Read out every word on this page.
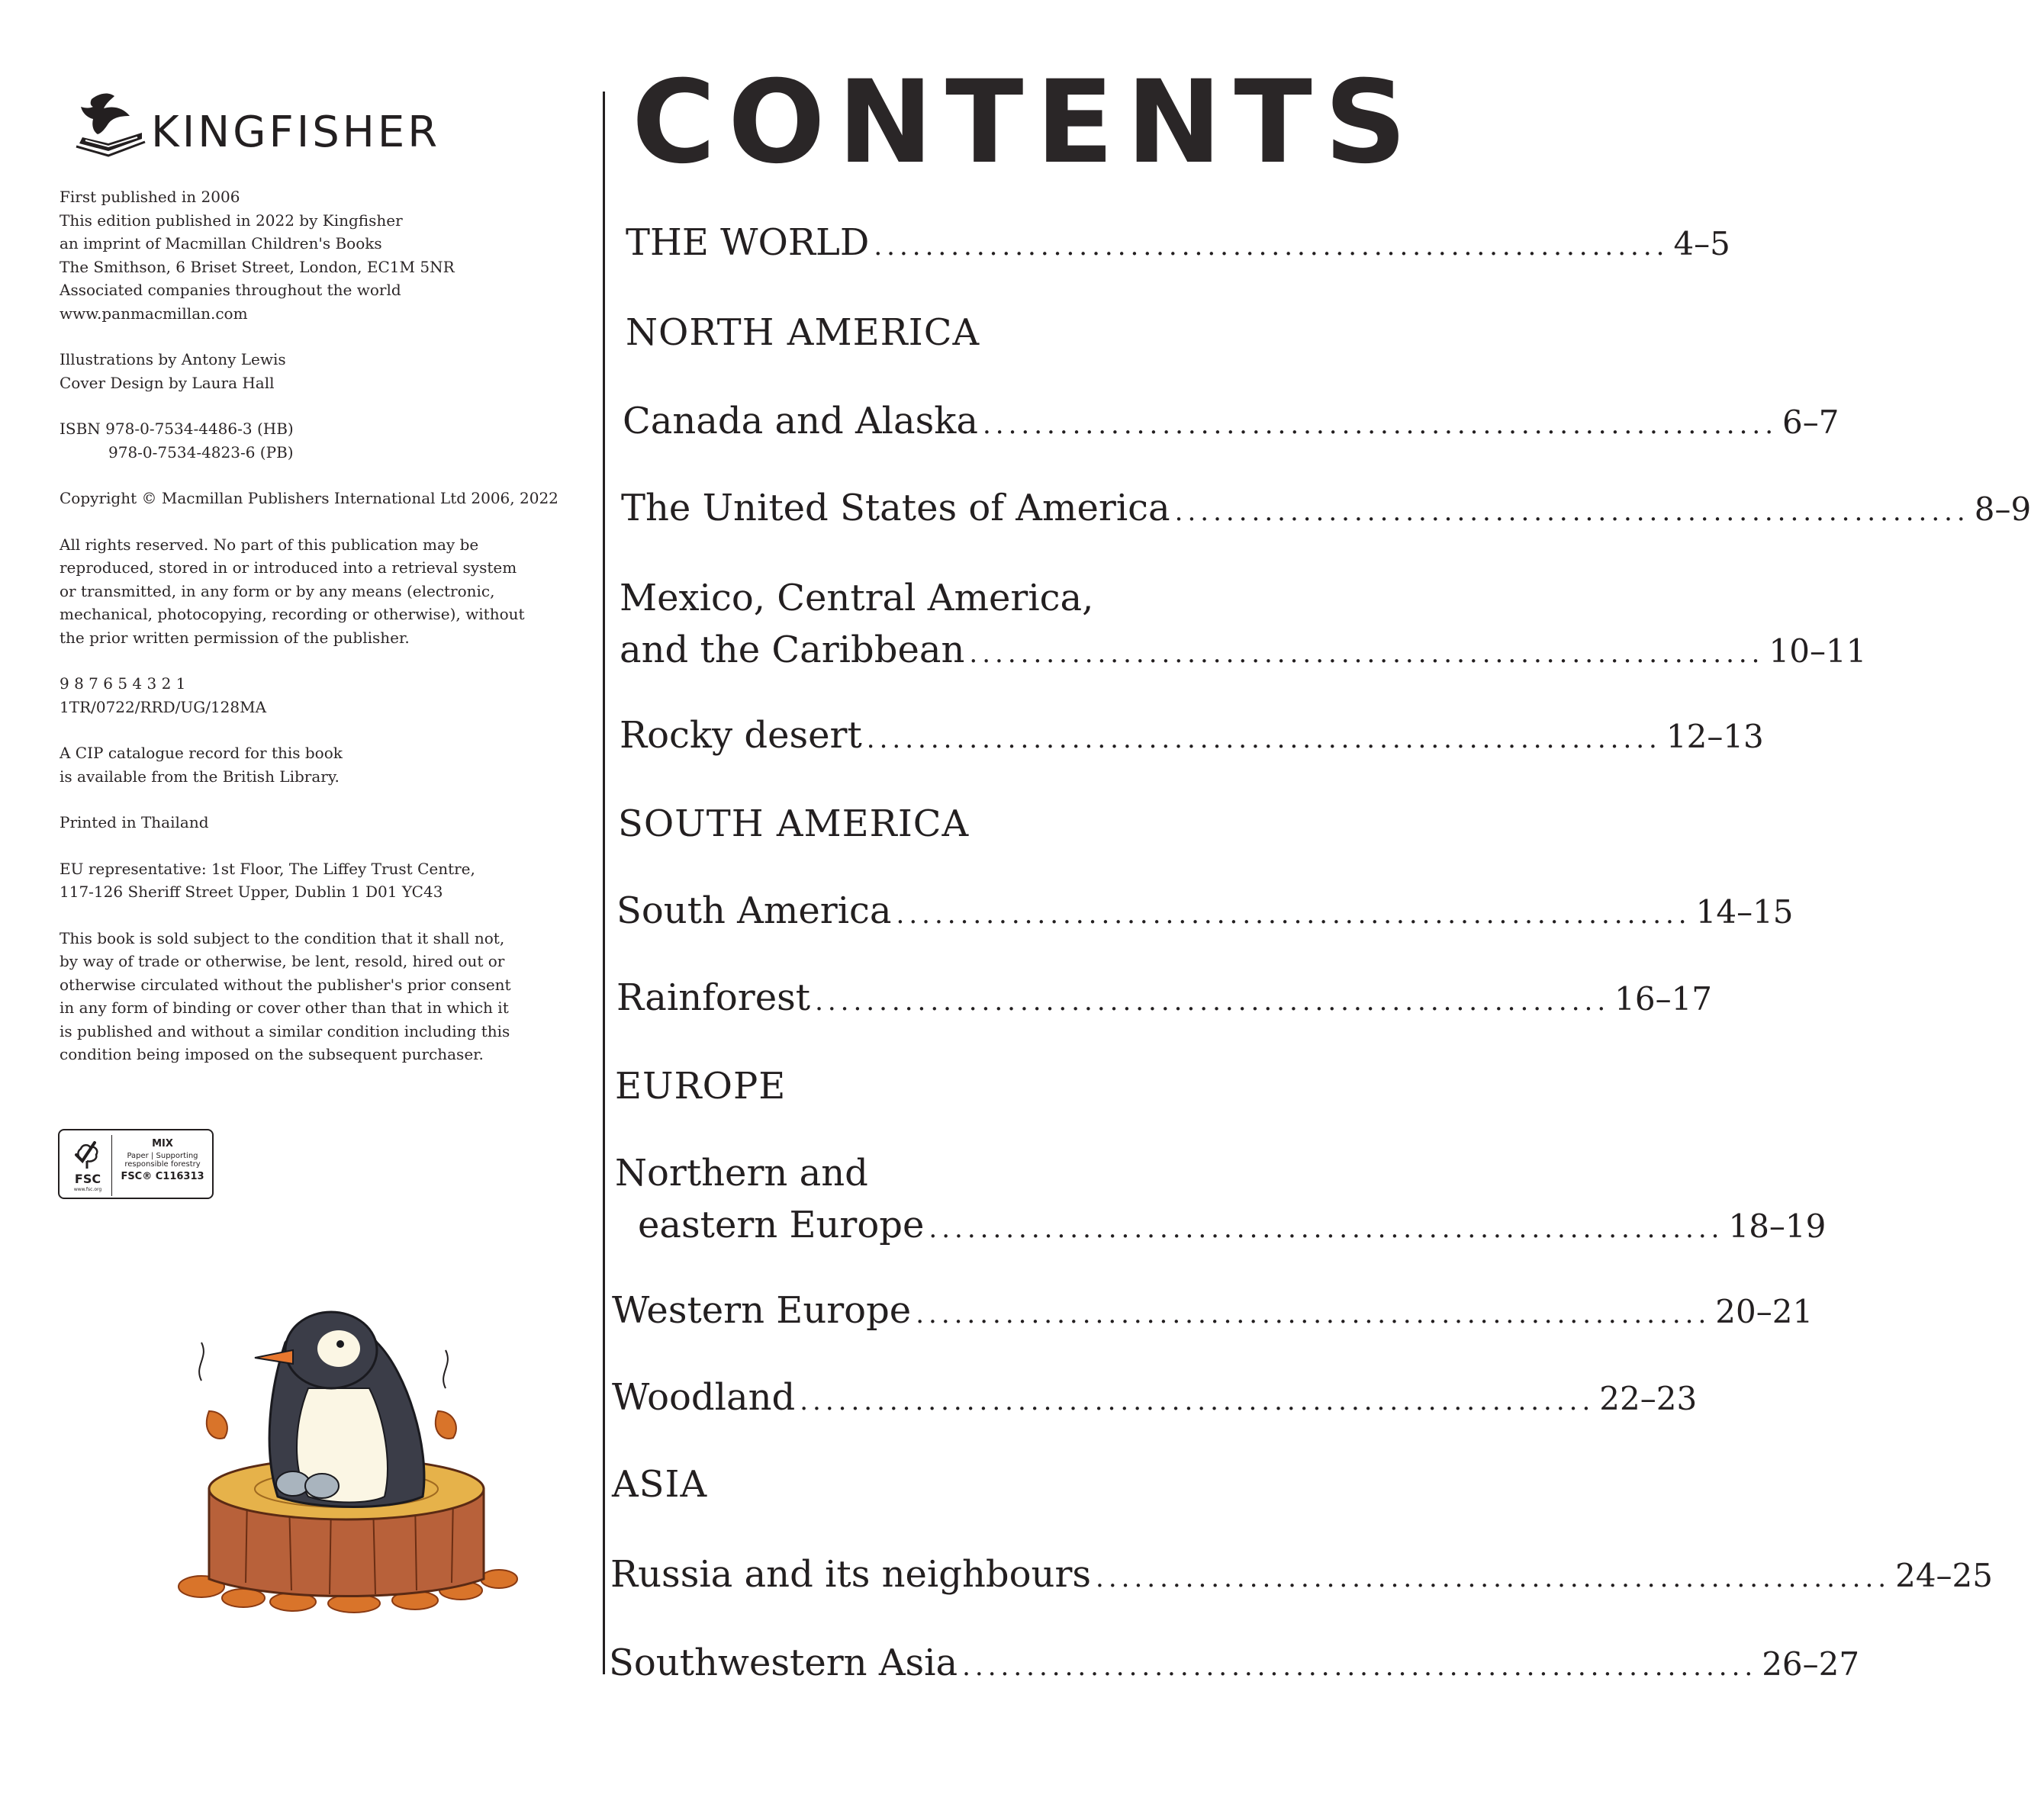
KINGFISHER

First published in 2006
This edition published in 2022 by Kingfisher
an imprint of Macmillan Children's Books
The Smithson, 6 Briset Street, London, EC1M 5NR
Associated companies throughout the world
www.panmacmillan.com

Illustrations by Antony Lewis
Cover Design by Laura Hall

ISBN 978-0-7534-4486-3 (HB)
978-0-7534-4823-6 (PB)

Copyright © Macmillan Publishers International Ltd 2006, 2022

All rights reserved. No part of this publication may be
reproduced, stored in or introduced into a retrieval system
or transmitted, in any form or by any means (electronic,
mechanical, photocopying, recording or otherwise), without
the prior written permission of the publisher.

9 8 7 6 5 4 3 2 1
1TR/0722/RRD/UG/128MA

A CIP catalogue record for this book
is available from the British Library.

Printed in Thailand

EU representative: 1st Floor, The Liffey Trust Centre,
117-126 Sheriff Street Upper, Dublin 1 D01 YC43

This book is sold subject to the condition that it shall not,
by way of trade or otherwise, be lent, resold, hired out or
otherwise circulated without the publisher's prior consent
in any form of binding or cover other than that in which it
is published and without a similar condition including this
condition being imposed on the subsequent purchaser.

FSC
www.fsc.org
MIX
Paper | Supporting
responsible forestry
FSC® C116313
CONTENTS
THE WORLD .............................................................. 4–5
NORTH AMERICA
Canada and Alaska .............................................................. 6–7
The United States of America .............................................................. 8–9
Mexico, Central America,
and the Caribbean .............................................................. 10–11
Rocky desert .............................................................. 12–13
SOUTH AMERICA
South America .............................................................. 14–15
Rainforest .............................................................. 16–17
EUROPE
Northern and
eastern Europe .............................................................. 18–19
Western Europe .............................................................. 20–21
Woodland .............................................................. 22–23
ASIA
Russia and its neighbours .............................................................. 24–25
Southwestern Asia .............................................................. 26–27
